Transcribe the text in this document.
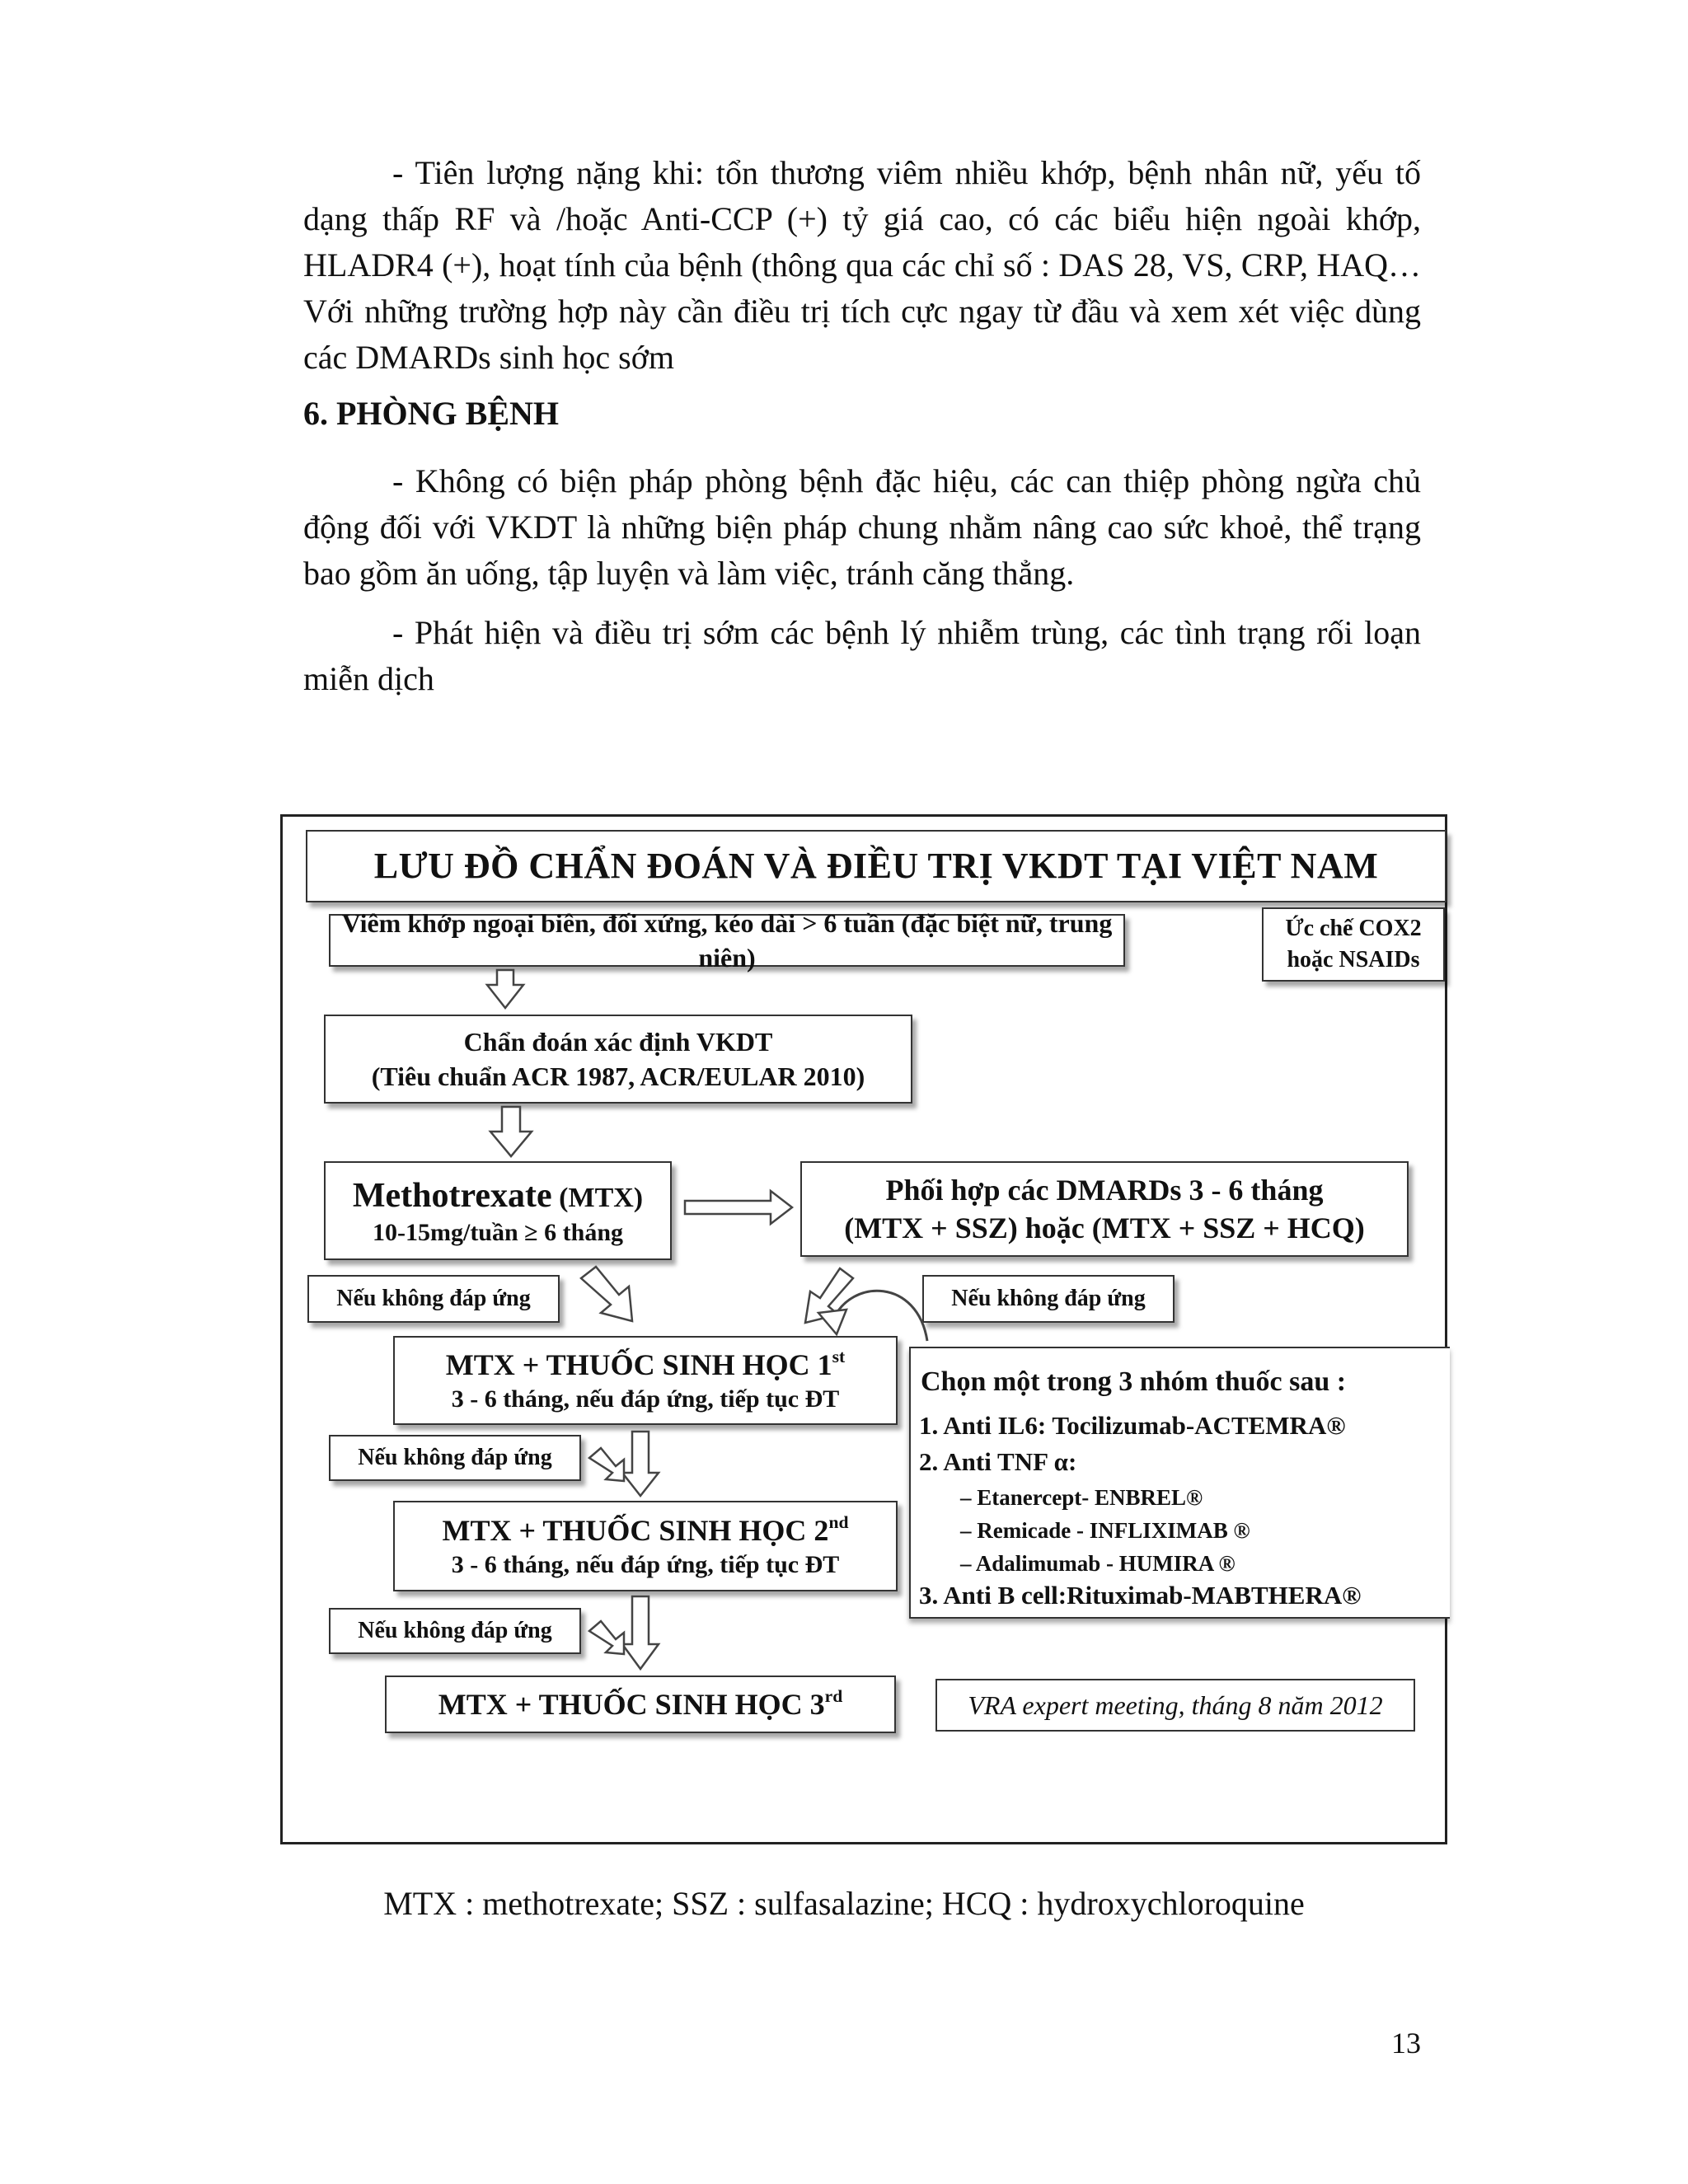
- Tiên lượng nặng khi: tổn thương viêm nhiều khớp, bệnh nhân nữ, yếu tố dạng thấp RF và /hoặc Anti-CCP (+) tỷ giá cao, có các biểu hiện ngoài khớp, HLADR4 (+), hoạt tính của bệnh (thông qua các chỉ số : DAS 28, VS, CRP, HAQ… Với những trường hợp này cần điều trị tích cực ngay từ đầu và xem xét việc dùng các DMARDs sinh học sớm

6. PHÒNG BỆNH

- Không có biện pháp phòng bệnh đặc hiệu, các can thiệp phòng ngừa chủ động đối với VKDT là những biện pháp chung nhằm nâng cao sức khoẻ, thể trạng bao gồm ăn uống, tập luyện và làm việc, tránh căng thẳng.

- Phát hiện và điều trị sớm các bệnh lý nhiễm trùng, các tình trạng rối loạn miễn dịch

LƯU ĐỒ CHẨN ĐOÁN VÀ ĐIỀU TRỊ VKDT TẠI VIỆT NAM
Viêm khớp ngoại biên, đối xứng, kéo dài > 6 tuần (đặc biệt nữ, trung niên)
Ức chế COX2
hoặc NSAIDs
Chẩn đoán xác định VKDT
(Tiêu chuẩn ACR 1987, ACR/EULAR 2010)
Methotrexate (MTX)
10-15mg/tuần ≥ 6 tháng
Phối hợp các DMARDs 3 - 6 tháng
(MTX + SSZ) hoặc (MTX + SSZ + HCQ)
Nếu không đáp ứng	Nếu không đáp ứng
MTX + THUỐC SINH HỌC 1st
3 - 6 tháng, nếu đáp ứng, tiếp tục ĐT
Chọn một trong 3 nhóm thuốc sau :
1. Anti IL6: Tocilizumab-ACTEMRA®
2. Anti TNF α:
– Etanercept- ENBREL®
– Remicade - INFLIXIMAB ®
– Adalimumab - HUMIRA ®
3. Anti B cell:Rituximab-MABTHERA®
Nếu không đáp ứng
MTX + THUỐC SINH HỌC 2nd
3 - 6 tháng, nếu đáp ứng, tiếp tục ĐT
Nếu không đáp ứng
MTX + THUỐC SINH HỌC 3rd	VRA expert meeting, tháng 8 năm 2012

MTX : methotrexate; SSZ : sulfasalazine; HCQ : hydroxychloroquine

13
